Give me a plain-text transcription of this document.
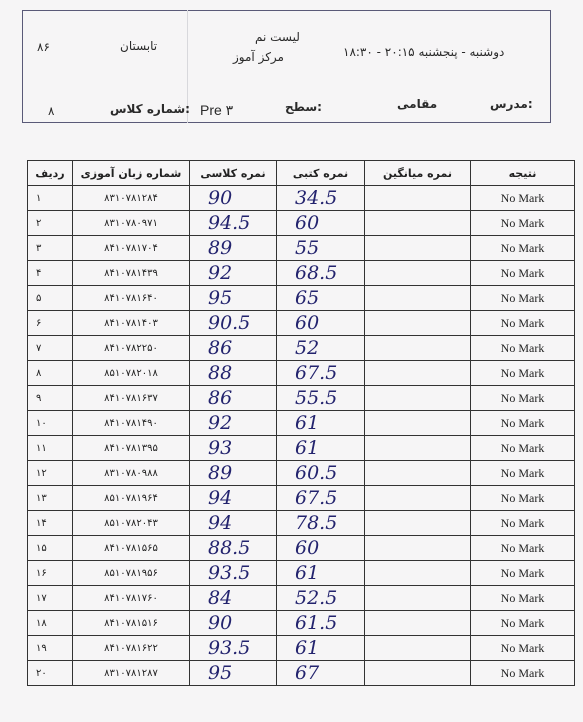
لیست نم
تابستان
۸۶
مرکز آموز	دوشنبه - پنجشنبه ۲۰:۱۵ - ۱۸:۳۰
مدرس:
مقامی
سطح:
Pre ۳
شماره کلاس:
۸
ردیف	شماره زبان آموزی	نمره کلاسی	نمره کتبی	نمره میانگین	نتیجه
۱	۸۳۱۰۷۸۱۲۸۴	90	34.5		No Mark
۲	۸۳۱۰۷۸۰۹۷۱	94.5	60		No Mark
۳	۸۴۱۰۷۸۱۷۰۴	89	55		No Mark
۴	۸۴۱۰۷۸۱۴۳۹	92	68.5		No Mark
۵	۸۴۱۰۷۸۱۶۴۰	95	65		No Mark
۶	۸۴۱۰۷۸۱۴۰۳	90.5	60		No Mark
۷	۸۴۱۰۷۸۲۲۵۰	86	52		No Mark
۸	۸۵۱۰۷۸۲۰۱۸	88	67.5		No Mark
۹	۸۴۱۰۷۸۱۶۳۷	86	55.5		No Mark
۱۰	۸۴۱۰۷۸۱۴۹۰	92	61		No Mark
۱۱	۸۴۱۰۷۸۱۳۹۵	93	61		No Mark
۱۲	۸۳۱۰۷۸۰۹۸۸	89	60.5		No Mark
۱۳	۸۵۱۰۷۸۱۹۶۴	94	67.5		No Mark
۱۴	۸۵۱۰۷۸۲۰۴۳	94	78.5		No Mark
۱۵	۸۴۱۰۷۸۱۵۶۵	88.5	60		No Mark
۱۶	۸۵۱۰۷۸۱۹۵۶	93.5	61		No Mark
۱۷	۸۴۱۰۷۸۱۷۶۰	84	52.5		No Mark
۱۸	۸۴۱۰۷۸۱۵۱۶	90	61.5		No Mark
۱۹	۸۴۱۰۷۸۱۶۲۲	93.5	61		No Mark
۲۰	۸۳۱۰۷۸۱۲۸۷	95	67		No Mark
